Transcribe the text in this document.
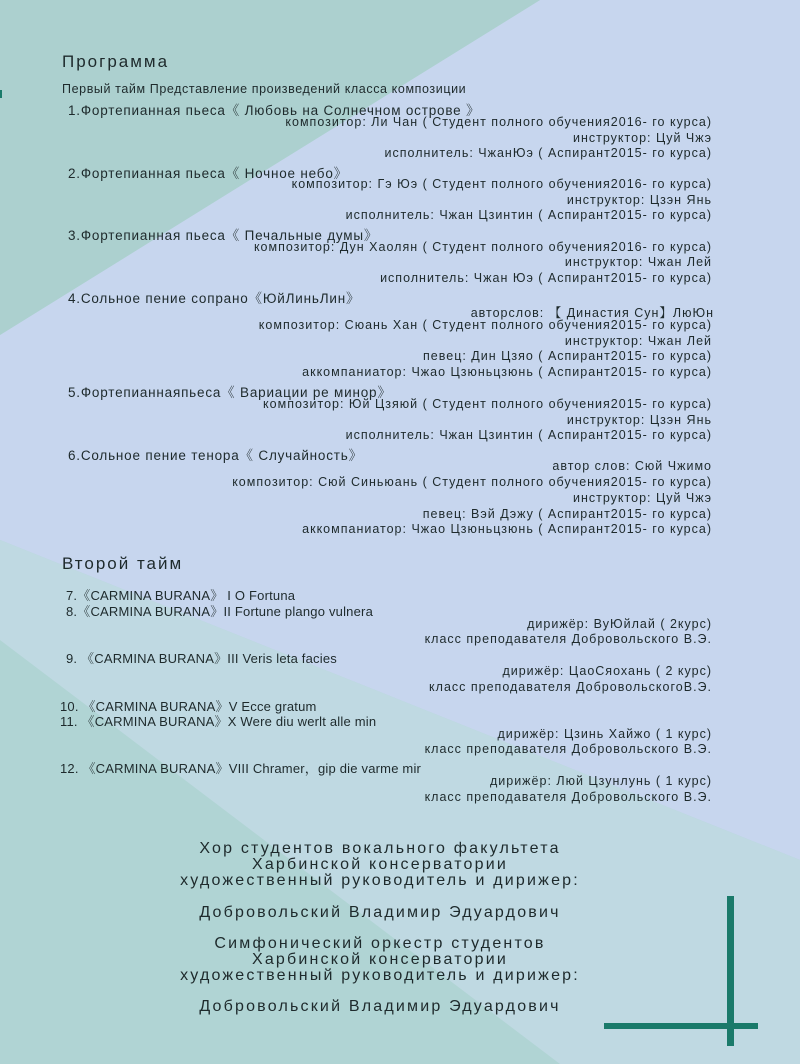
Программа
Первый тайм Представление произведений класса композиции
1.Фортепианная пьеса《 Любовь на Солнечном острове 》
композитор: Ли Чан ( Студент полного обучения2016- го курса)
инструктор: Цуй Чжэ
исполнитель: ЧжанЮэ ( Аспирант2015- го курса)
2.Фортепианная пьеса《 Ночное небо》
композитор: Гэ Юэ ( Студент полного обучения2016- го курса)
инструктор: Цзэн Янь
исполнитель: Чжан Цзинтин ( Аспирант2015- го курса)
3.Фортепианная пьеса《 Печальные думы》
композитор: Дун Хаолян ( Студент полного обучения2016- го курса)
инструктор: Чжан Лей
исполнитель: Чжан Юэ ( Аспирант2015- го курса)
4.Сольное пение сопрано《ЮйЛиньЛин》
авторслов: 【 Династия Сун】ЛюЮн
композитор: Сюань Хан ( Студент полного обучения2015- го курса)
инструктор: Чжан Лей
певец: Дин Цзяо ( Аспирант2015- го курса)
аккомпаниатор: Чжао Цзюньцзюнь ( Аспирант2015- го курса)
5.Фортепианнаяпьеса《 Вариации ре минор》
композитор: Юй Цзяюй ( Студент полного обучения2015- го курса)
инструктор: Цзэн Янь
исполнитель: Чжан Цзинтин ( Аспирант2015- го курса)
6.Сольное пение тенора《 Случайность》
автор слов: Сюй Чжимо
композитор: Сюй Синьюань ( Студент полного обучения2015- го курса)
инструктор: Цуй Чжэ
певец: Вэй Дэжу ( Аспирант2015- го курса)
аккомпаниатор: Чжао Цзюньцзюнь ( Аспирант2015- го курса)
Второй тайм
7.《CARMINA BURANA》 I O Fortuna
8.《CARMINA BURANA》II Fortune plango vulnera
дирижёр: ВуЮйлай ( 2курс)
класс преподавателя Добровольского В.Э.
9. 《CARMINA BURANA》III Veris leta facies
дирижёр: ЦаоСяохань ( 2 курс)
класс преподавателя ДобровольскогоВ.Э.
10. 《CARMINA BURANA》V Ecce gratum
11. 《CARMINA BURANA》X Were diu werlt alle min
дирижёр: Цзинь Хайжо ( 1 курс)
класс преподавателя Добровольского В.Э.
12. 《CARMINA BURANA》VIII Chramer，gip die varme mir
дирижёр: Люй Цзунлунь ( 1 курс)
класс преподавателя Добровольского В.Э.
Хор студентов вокального факультета
Харбинской консерватории
художественный руководитель и дирижер:
Добровольский Владимир Эдуардович
Симфонический оркестр студентов
Харбинской консерватории
художественный руководитель и дирижер:
Добровольский Владимир Эдуардович
